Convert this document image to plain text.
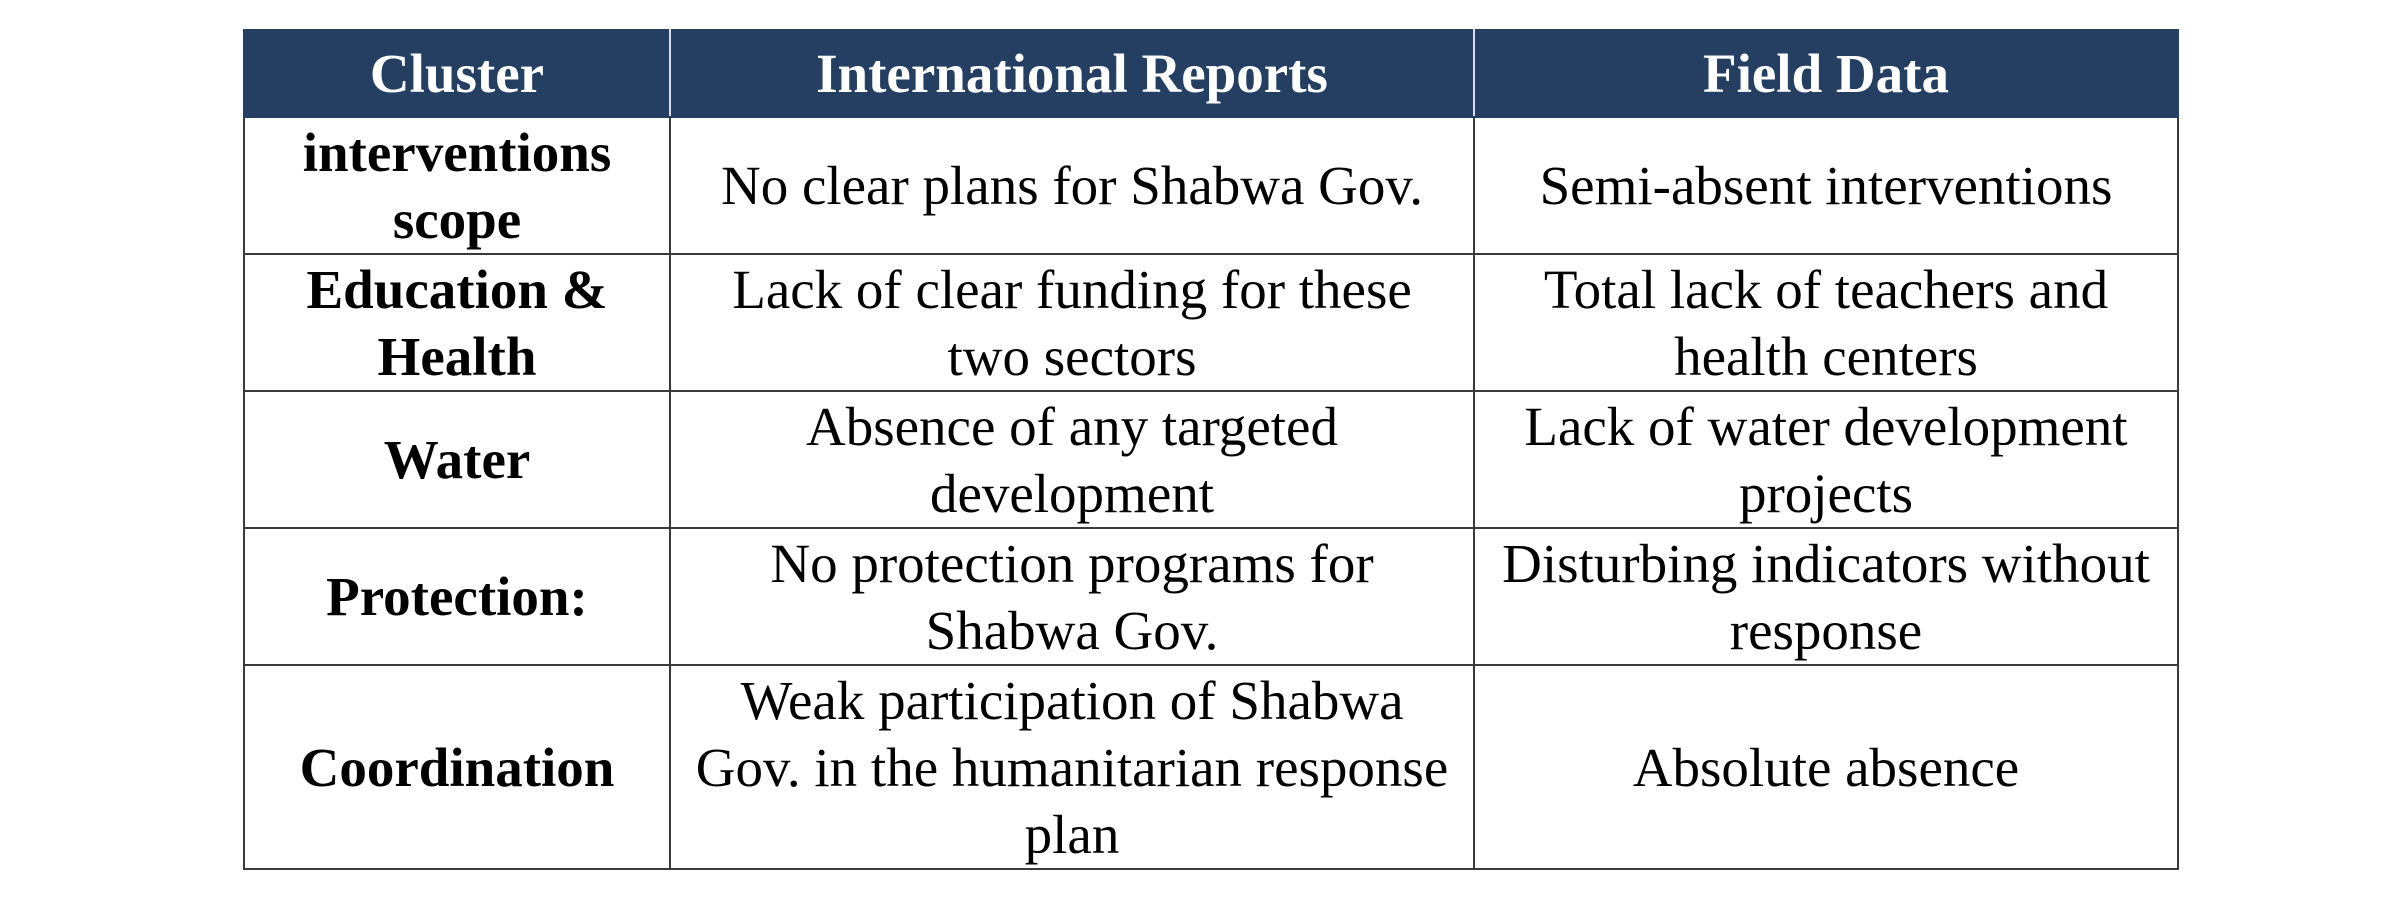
Cluster	International Reports	Field Data
interventions scope	No clear plans for Shabwa Gov.	Semi-absent interventions
Education & Health	Lack of clear funding for these two sectors	Total lack of teachers and health centers
Water	Absence of any targeted development	Lack of water development projects
Protection:	No protection programs for Shabwa Gov.	Disturbing indicators without response
Coordination	Weak participation of Shabwa Gov. in the humanitarian response plan	Absolute absence
